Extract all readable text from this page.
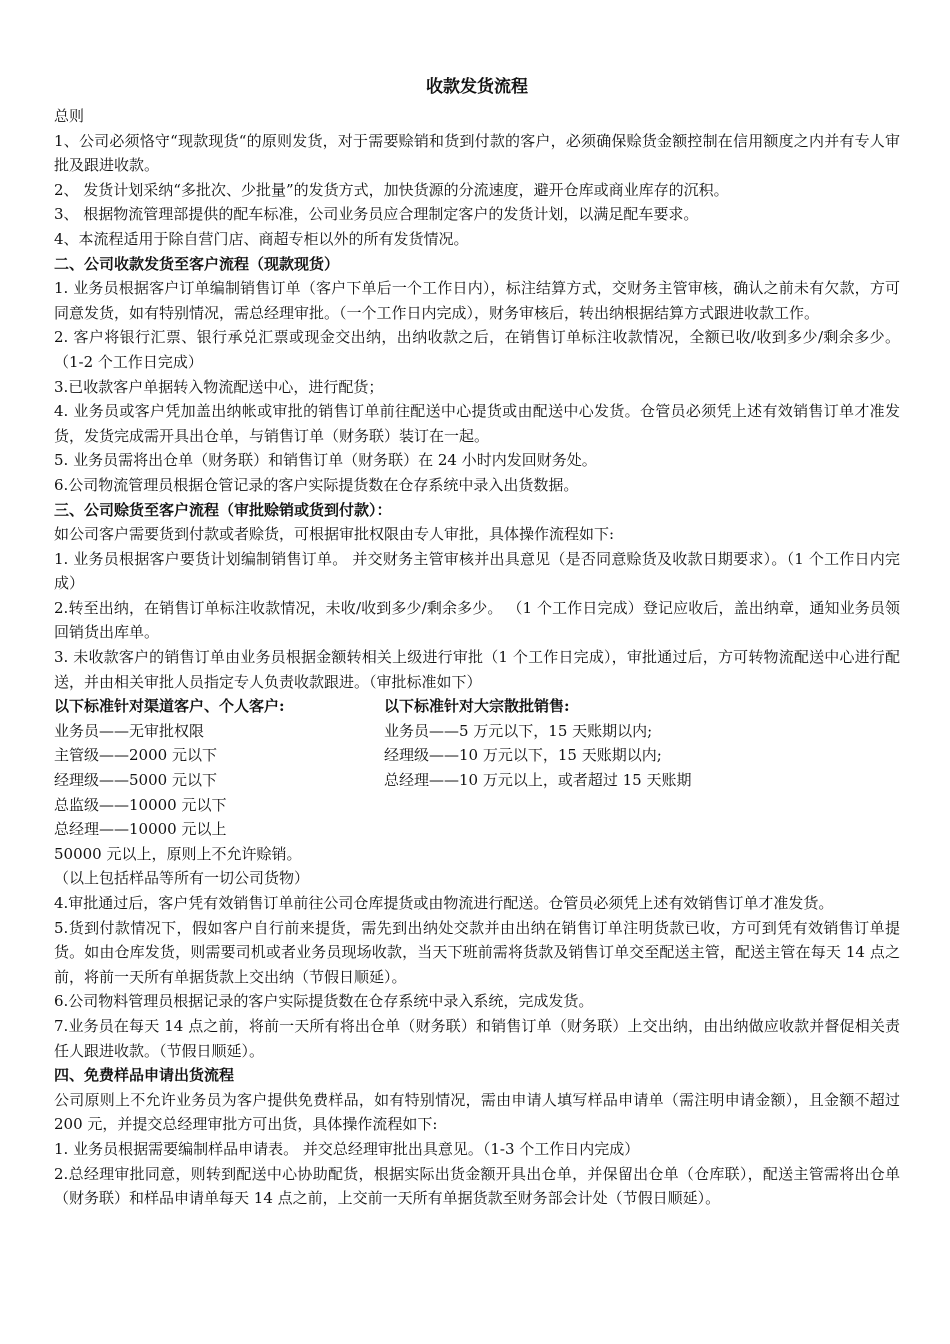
收款发货流程

总则

1、公司必须恪守“现款现货“的原则发货，对于需要赊销和货到付款的客户，必须确保赊货金额控制在信用额度之内并有专人审批及跟进收款。

2、 发货计划采纳“多批次、少批量”的发货方式，加快货源的分流速度，避开仓库或商业库存的沉积。

3、 根据物流管理部提供的配车标准，公司业务员应合理制定客户的发货计划，以满足配车要求。

4、本流程适用于除自营门店、商超专柜以外的所有发货情况。

二、公司收款发货至客户流程（现款现货）

1. 业务员根据客户订单编制销售订单（客户下单后一个工作日内），标注结算方式，交财务主管审核，确认之前未有欠款，方可同意发货，如有特别情况，需总经理审批。（一个工作日内完成），财务审核后，转出纳根据结算方式跟进收款工作。

2. 客户将银行汇票、银行承兑汇票或现金交出纳，出纳收款之后，在销售订单标注收款情况，全额已收/收到多少/剩余多少。 （1-2 个工作日完成）

3.已收款客户单据转入物流配送中心，进行配货；

4. 业务员或客户凭加盖出纳帐或审批的销售订单前往配送中心提货或由配送中心发货。仓管员必须凭上述有效销售订单才准发货，发货完成需开具出仓单，与销售订单（财务联）装订在一起。

5. 业务员需将出仓单（财务联）和销售订单（财务联）在 24 小时内发回财务处。

6.公司物流管理员根据仓管记录的客户实际提货数在仓存系统中录入出货数据。

三、公司赊货至客户流程（审批赊销或货到付款）：

如公司客户需要货到付款或者赊货，可根据审批权限由专人审批，具体操作流程如下:

1. 业务员根据客户要货计划编制销售订单。 并交财务主管审核并出具意见（是否同意赊货及收款日期要求）。（1 个工作日内完成）

2.转至出纳，在销售订单标注收款情况，未收/收到多少/剩余多少。 （1 个工作日完成）登记应收后，盖出纳章，通知业务员领回销货出库单。

3. 未收款客户的销售订单由业务员根据金额转相关上级进行审批（1 个工作日完成），审批通过后，方可转物流配送中心进行配送，并由相关审批人员指定专人负责收款跟进。（审批标准如下）

以下标准针对渠道客户、个人客户:	以下标准针对大宗散批销售:
业务员——无审批权限	业务员——5 万元以下，15 天账期以内;
主管级——2000 元以下	经理级——10 万元以下，15 天账期以内;
经理级——5000 元以下	总经理——10 万元以上，或者超过 15 天账期

总监级——10000 元以下

总经理——10000 元以上

50000 元以上，原则上不允许赊销。

（以上包括样品等所有一切公司货物）

4.审批通过后，客户凭有效销售订单前往公司仓库提货或由物流进行配送。仓管员必须凭上述有效销售订单才准发货。

5.货到付款情况下，假如客户自行前来提货，需先到出纳处交款并由出纳在销售订单注明货款已收，方可到凭有效销售订单提货。如由仓库发货，则需要司机或者业务员现场收款，当天下班前需将货款及销售订单交至配送主管，配送主管在每天 14 点之前，将前一天所有单据货款上交出纳（节假日顺延）。

6.公司物料管理员根据记录的客户实际提货数在仓存系统中录入系统，完成发货。

7.业务员在每天 14 点之前，将前一天所有将出仓单（财务联）和销售订单（财务联）上交出纳，由出纳做应收款并督促相关责任人跟进收款。（节假日顺延）。

四、免费样品申请出货流程

公司原则上不允许业务员为客户提供免费样品，如有特别情况，需由申请人填写样品申请单（需注明申请金额），且金额不超过 200 元，并提交总经理审批方可出货，具体操作流程如下:

1. 业务员根据需要编制样品申请表。 并交总经理审批出具意见。（1-3 个工作日内完成）

2.总经理审批同意，则转到配送中心协助配货，根据实际出货金额开具出仓单，并保留出仓单（仓库联），配送主管需将出仓单（财务联）和样品申请单每天 14 点之前，上交前一天所有单据货款至财务部会计处（节假日顺延）。
